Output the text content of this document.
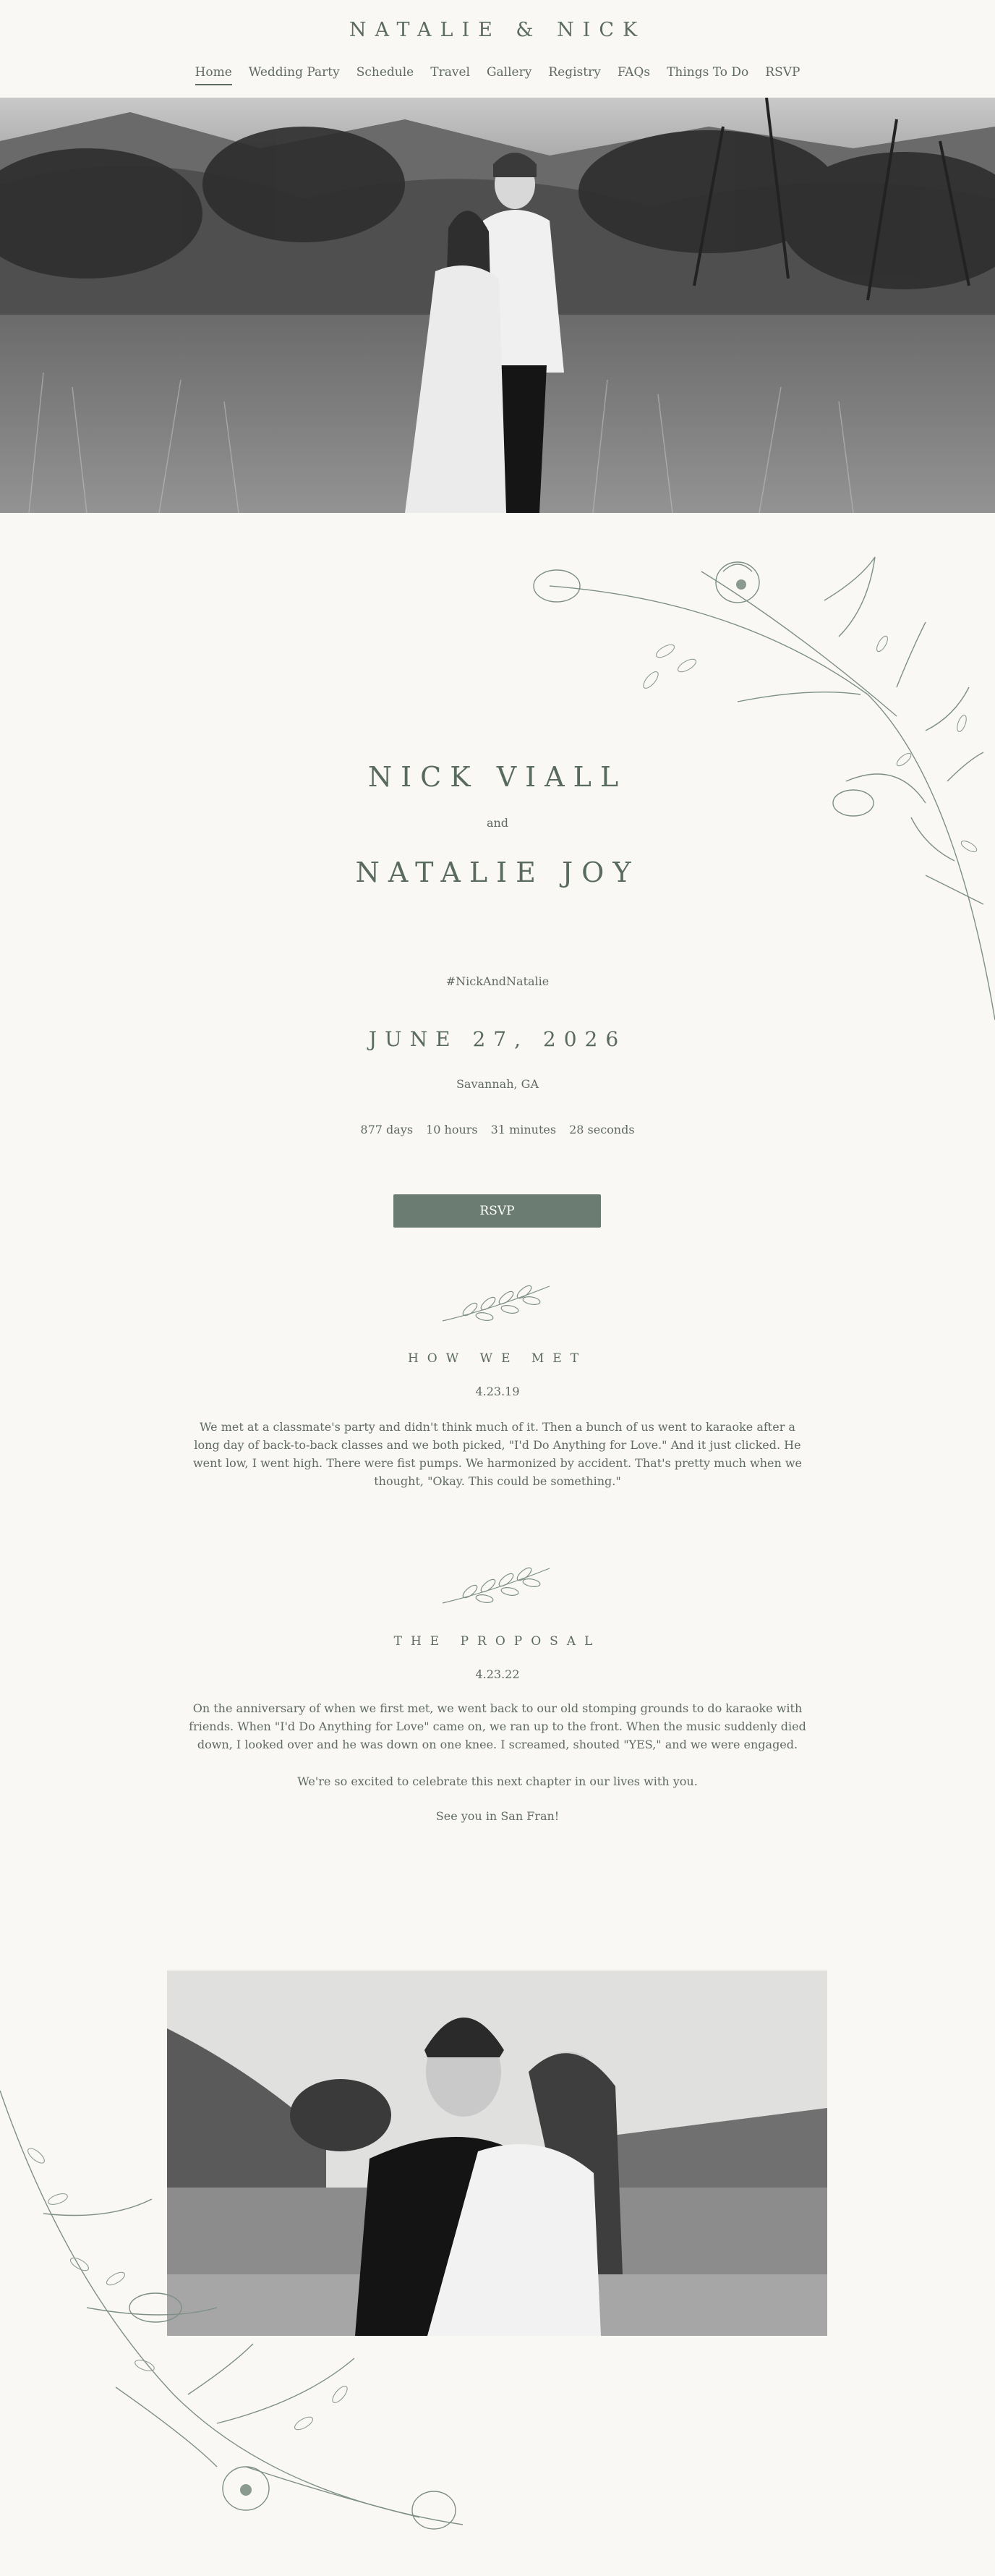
NATALIE & NICK
Home Wedding Party Schedule Travel Gallery Registry FAQs Things To Do RSVP
NICK VIALL
and
NATALIE JOY
#NickAndNatalie
JUNE 27, 2026
Savannah, GA
877 days 10 hours 31 minutes 28 seconds
RSVP
HOW WE MET
4.23.19
We met at a classmate's party and didn't think much of it. Then a bunch of us went to karaoke after a long day of back-to-back classes and we both picked, "I'd Do Anything for Love." And it just clicked. He went low, I went high. There were fist pumps. We harmonized by accident. That's pretty much when we thought, "Okay. This could be something."
THE PROPOSAL
4.23.22
On the anniversary of when we first met, we went back to our old stomping grounds to do karaoke with friends. When "I'd Do Anything for Love" came on, we ran up to the front. When the music suddenly died down, I looked over and he was down on one knee. I screamed, shouted "YES," and we were engaged.
We're so excited to celebrate this next chapter in our lives with you.
See you in San Fran!
